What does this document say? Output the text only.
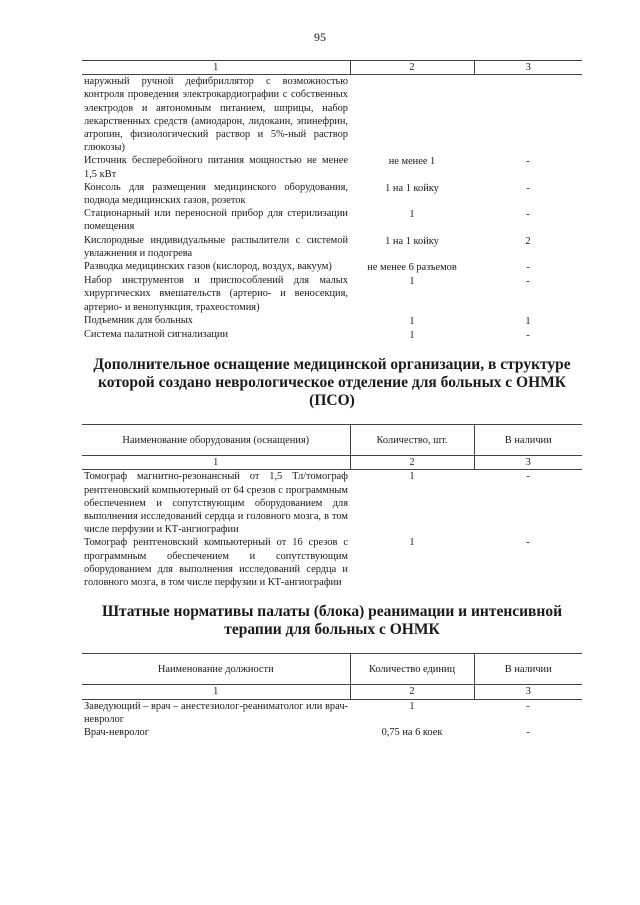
95
1	2	3
наружный ручной дефибриллятор с возможностью контроля проведения электрокардиографии с собственных электродов и автономным питанием, шприцы, набор лекарственных средств (амиодарон, лидокаин, эпинефрин, атропин, физиологический раствор и 5%-ный раствор глюкозы)		
Источник бесперебойного питания мощностью не менее 1,5 кВт	не менее 1	-
Консоль для размещения медицинского оборудования, подвода медицинских газов, розеток	1 на 1 койку	-
Стационарный или переносной прибор для стерилизации помещения	1	-
Кислородные индивидуальные распылители с системой увлажнения и подогрева	1 на 1 койку	2
Разводка медицинских газов (кислород, воздух, вакуум)	не менее 6 разъемов	-
Набор инструментов и приспособлений для малых хирургических вмешательств (артерио- и веносекция, артерио- и венопункция, трахеостомия)	1	-
Подъемник для больных	1	1
Система палатной сигнализации	1	-
Дополнительное оснащение медицинской организации, в структуре которой создано неврологическое отделение для больных с ОНМК (ПСО)
Наименование оборудования (оснащения)	Количество, шт.	В наличии
1	2	3
Томограф магнитно-резонансный от 1,5 Тл/томограф рентгеновский компьютерный от 64 срезов с программным обеспечением и сопутствующим оборудованием для выполнения исследований сердца и головного мозга, в том числе перфузии и КТ-ангиографии	1	-
Томограф рентгеновский компьютерный от 16 срезов с программным обеспечением и сопутствующим оборудованием для выполнения исследований сердца и головного мозга, в том числе перфузии и КТ-ангиографии	1	-
Штатные нормативы палаты (блока) реанимации и интенсивной терапии для больных с ОНМК
Наименование должности	Количество единиц	В наличии
1	2	3
Заведующий – врач – анестезиолог-реаниматолог или врач-невролог	1	-
Врач-невролог	0,75 на 6 коек	-
